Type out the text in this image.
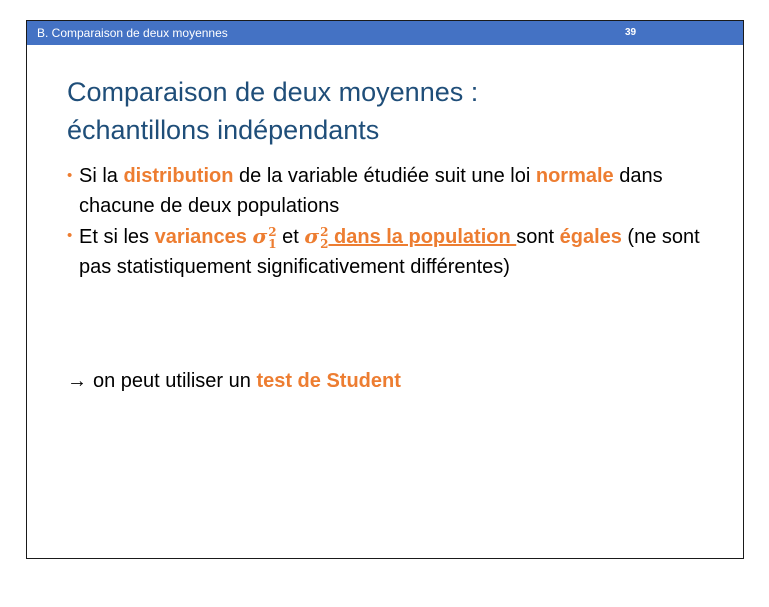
B. Comparaison de deux moyennes	39
Comparaison de deux moyennes :
échantillons indépendants
• Si la distribution de la variable étudiée suit une loi normale dans chacune de deux populations
• Et si les variances σ 2
1 et σ 2
2 dans la population sont égales (ne sont pas statistiquement significativement différentes)
→ on peut utiliser un test de Student
